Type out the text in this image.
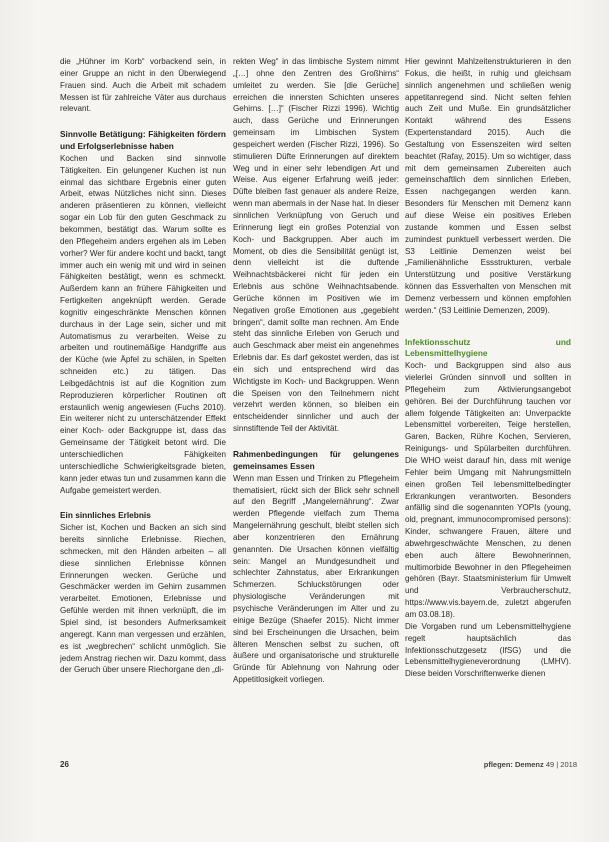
die „Hühner im Korb“ vorbackend sein, in einer Gruppe an nicht in den Überwiegend Frauen sind. Auch die Arbeit mit schadem Messen ist für zahlreiche Väter aus durchaus relevant.

Sinnvolle Betätigung: Fähigkeiten fördern und Erfolgserlebnisse haben

Kochen und Backen sind sinnvolle Tätigkeiten. Ein gelungener Kuchen ist nun einmal das sichtbare Ergebnis einer guten Arbeit, etwas Nützliches nicht sinn. Dieses anderen präsentieren zu können, vielleicht sogar ein Lob für den guten Geschmack zu bekommen, bestätigt das. Warum sollte es den Pflegeheim anders ergehen als im Leben vorher? Wer für andere kocht und backt, tangt immer auch ein wenig mit und wird in seinen Fähigkeiten bestätigt, wenn es schmeckt. Außerdem kann an frühere Fähigkeiten und Fertigkeiten angeknüpft werden. Gerade kognitiv eingeschränkte Menschen können durchaus in der Lage sein, sicher und mit Automatismus zu verarbeiten. Weise zu arbeiten und routinemäßige Handgriffe aus der Küche (wie Äpfel zu schälen, in Spelten schneiden etc.) zu tätigen. Das Leibgedächtnis ist auf die Kognition zum Reproduzieren körperlicher Routinen oft erstaunlich wenig angewiesen (Fuchs 2010). Ein weiterer nicht zu unterschätzender Effekt einer Koch- oder Backgruppe ist, dass das Gemeinsame der Tätigkeit betont wird. Die unterschiedlichen Fähigkeiten unterschiedliche Schwierigkeitsgrade bieten, kann jeder etwas tun und zusammen kann die Aufgabe gemeistert werden.

Ein sinnliches Erlebnis

Sicher ist, Kochen und Backen an sich sind bereits sinnliche Erlebnisse. Riechen, schmecken, mit den Händen arbeiten – all diese sinnlichen Erlebnisse können Erinnerungen wecken. Gerüche und Geschmäcker werden im Gehirn zusammen verarbeitet. Emotionen, Erlebnisse und Gefühle werden mit ihnen verknüpft, die im Spiel sind, ist besonders Aufmerksamkeit angeregt. Kann man vergessen und erzählen, es ist „wegbrechen“ schlicht unmöglich. Sie jedem Anstrag riechen wir. Dazu kommt, dass der Geruch über unsere Riechorgane den „di-

rekten Weg“ in das limbische System nimmt „[…] ohne den Zentren des Großhirns“ umleitet zu werden. Sie [die Gerüche] erreichen die innersten Schichten unseres Gehirns. […]“ (Fischer Rizzi 1996). Wichtig auch, dass Gerüche und Erinnerungen gemeinsam im Limbischen System gespeichert werden (Fischer Rizzi, 1996). So stimulieren Düfte Erinnerungen auf direktem Weg und in einer sehr lebendigen Art und Weise. Aus eigener Erfahrung weiß jeder: Düfte bleiben fast genauer als andere Reize, wenn man abermals in der Nase hat. In dieser sinnlichen Verknüpfung von Geruch und Erinnerung liegt ein großes Potenzial von Koch- und Backgruppen. Aber auch im Moment, ob dies die Sensibilität genügt ist, denn vielleicht ist die duftende Weihnachtsbäckerei nicht für jeden ein Erlebnis aus schöne Weihnachtsabende. Gerüche können im Positiven wie im Negativen große Emotionen aus „gegebieht bringen“, damit sollte man rechnen. Am Ende steht das sinnliche Erleben von Geruch und auch Geschmack aber meist ein angenehmes Erlebnis dar. Es darf gekostet werden, das ist ein sich und entsprechend wird das Wichtigste im Koch- und Backgruppen. Wenn die Speisen von den Teilnehmern nicht verzehrt werden können, so bleiben ein entscheidender sinnlicher und auch der sinnstiftende Teil der Aktivität.

Rahmenbedingungen für gelungenes gemeinsames Essen

Wenn man Essen und Trinken zu Pflegeheim thematisiert, rückt sich der Blick sehr schnell auf den Begriff „Mangelernährung“. Zwar werden Pflegende vielfach zum Thema Mangelernährung geschult, bleibt stellen sich aber konzentrieren den Ernährung genannten. Die Ursachen können vielfältig sein: Mangel an Mundgesundheit und schlechter Zahnstatus, aber Erkrankungen Schmerzen. Schluckstörungen oder physiologische Veränderungen mit psychische Veränderungen im Alter und zu einige Bezüge (Shaefer 2015). Nicht immer sind bei Erscheinungen die Ursachen, beim älteren Menschen selbst zu suchen, oft äußere und organisatorische und strukturelle Gründe für Ablehnung von Nahrung oder Appetitlosigkeit vorliegen.

Hier gewinnt Mahlzeitenstrukturieren in den Fokus, die heißt, in ruhig und gleichsam sinnlich angenehmen und schließen wenig appetitanregend sind. Nicht selten fehlen auch Zeit und Muße. Ein grundsätzlicher Kontakt während des Essens (Expertenstandard 2015). Auch die Gestaltung von Essenszeiten wird selten beachtet (Rafay, 2015). Um so wichtiger, dass mit dem gemeinsamen Zubereiten auch gemeinschaftlich dem sinnlichen Erleben, Essen nachgegangen werden kann. Besonders für Menschen mit Demenz kann auf diese Weise ein positives Erleben zustande kommen und Essen selbst zumindest punktuell verbessert werden. Die S3 Leitlinie Demenzen weist bei „Familienähnliche Essstrukturen, verbale Unterstützung und positive Verstärkung können das Essverhalten von Menschen mit Demenz verbessern und können empfohlen werden.“ (S3 Leitlinie Demenzen, 2009).

Infektionsschutz und Lebensmittelhygiene

Koch- und Backgruppen sind also aus vielerlei Gründen sinnvoll und sollten in Pflegeheim zum Aktivierungsangebot gehören. Bei der Durchführung tauchen vor allem folgende Tätigkeiten an: Unverpackte Lebensmittel vorbereiten, Teige herstellen, Garen, Backen, Rühre Kochen, Servieren, Reinigungs- und Spülarbeiten durchführen. Die WHO weist darauf hin, dass mit wenige Fehler beim Umgang mit Nahrungsmitteln einen großen Teil lebensmittelbedingter Erkrankungen verantworten. Besonders anfällig sind die sogenannten YOPIs (young, old, pregnant, immunocompromised persons): Kinder, schwangere Frauen, ältere und abwehrgeschwächte Menschen, zu denen eben auch ältere Bewohnerinnen, multimorbide Bewohner in den Pflegeheimen gehören (Bayr. Staatsministerium für Umwelt und Verbraucherschutz, https://www.vis.bayern.de, zuletzt abgerufen am 03.08.18).

Die Vorgaben rund um Lebensmittelhygiene regelt hauptsächlich das Infektionsschutzgesetz (IfSG) und die Lebensmittelhygieneverordnung (LMHV). Diese beiden Vorschriftenwerke dienen

26	pflegen: Demenz 49 | 2018
